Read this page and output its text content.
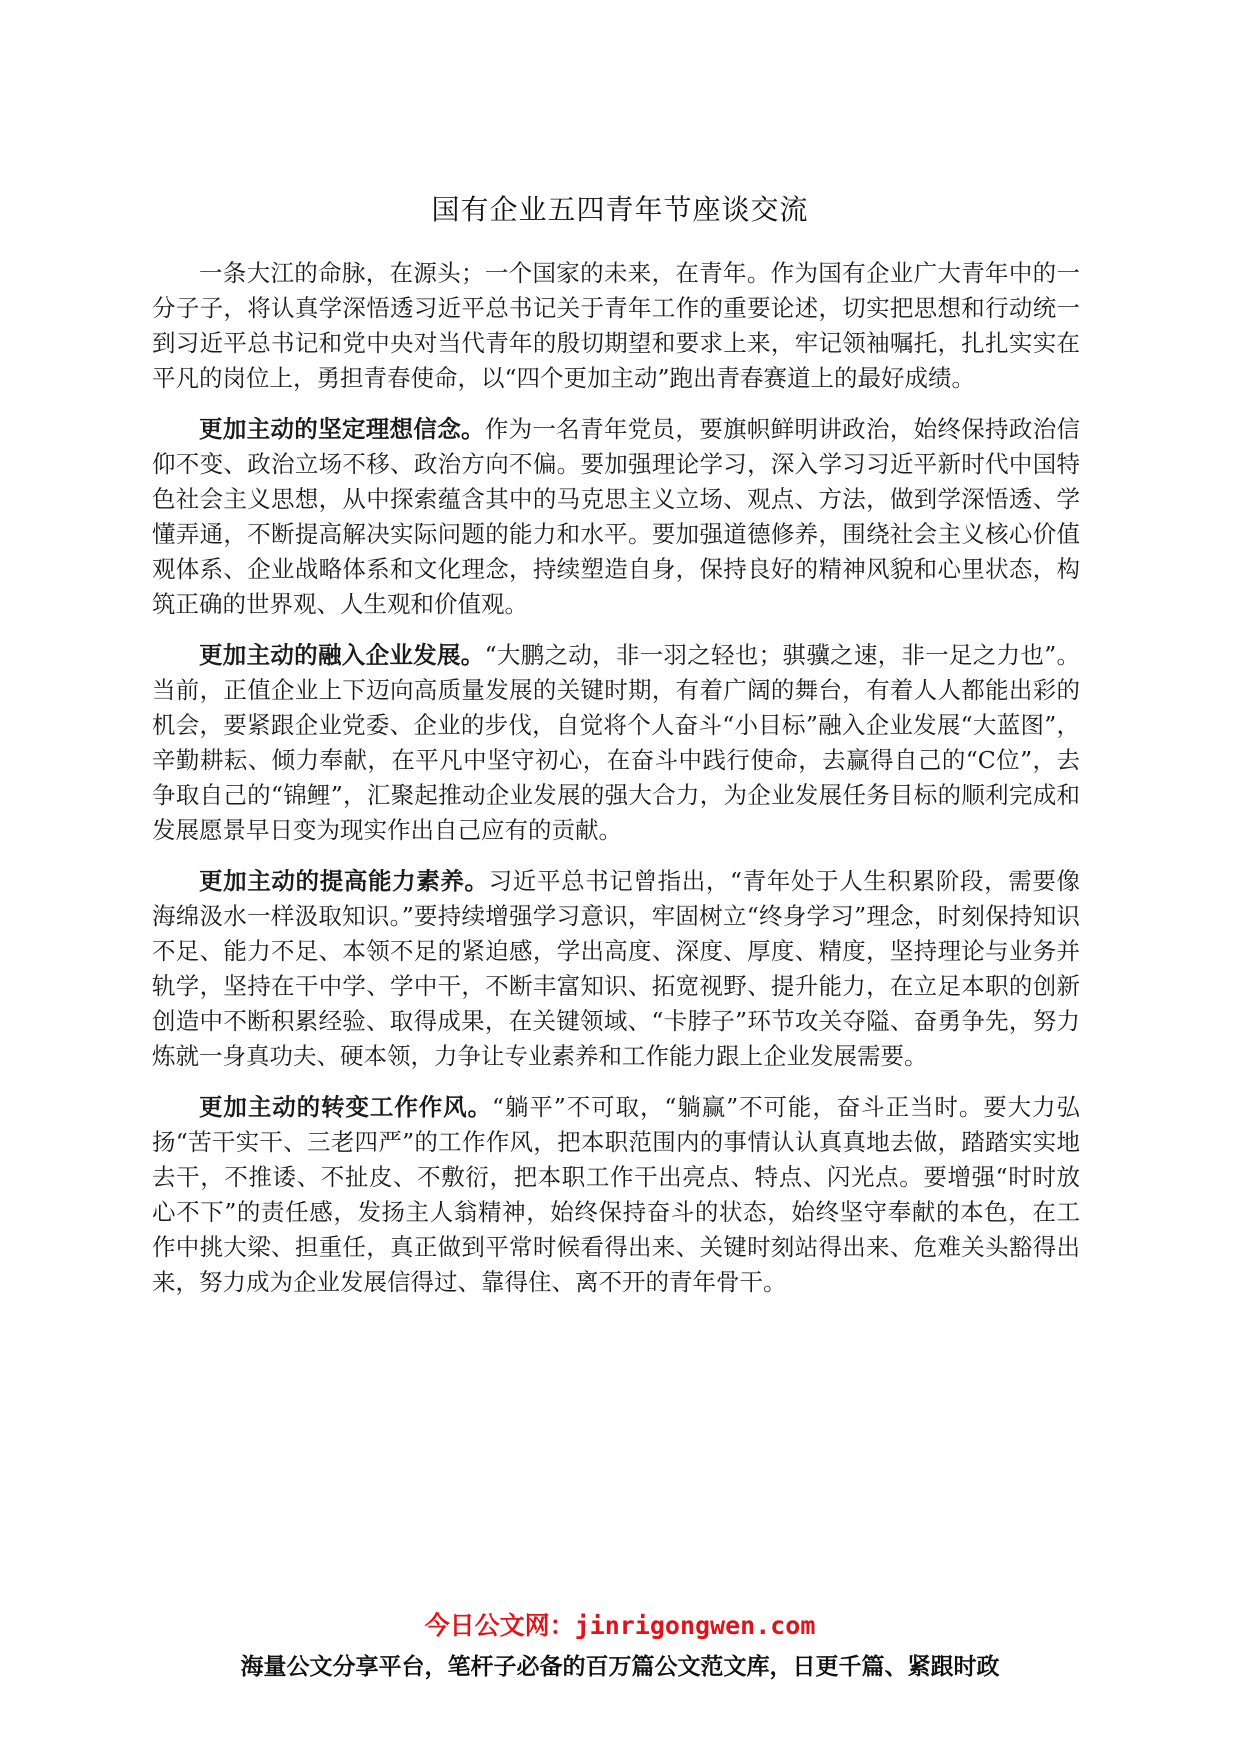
国有企业五四青年节座谈交流

一条大江的命脉，在源头；一个国家的未来，在青年。作为国有企业广大青年中的一分子子，将认真学深悟透习近平总书记关于青年工作的重要论述，切实把思想和行动统一到习近平总书记和党中央对当代青年的殷切期望和要求上来，牢记领袖嘱托，扎扎实实在平凡的岗位上，勇担青春使命，以“四个更加主动”跑出青春赛道上的最好成绩。

更加主动的坚定理想信念。作为一名青年党员，要旗帜鲜明讲政治，始终保持政治信仰不变、政治立场不移、政治方向不偏。要加强理论学习，深入学习习近平新时代中国特色社会主义思想，从中探索蕴含其中的马克思主义立场、观点、方法，做到学深悟透、学懂弄通，不断提高解决实际问题的能力和水平。要加强道德修养，围绕社会主义核心价值观体系、企业战略体系和文化理念，持续塑造自身，保持良好的精神风貌和心里状态，构筑正确的世界观、人生观和价值观。

更加主动的融入企业发展。“大鹏之动，非一羽之轻也；骐骥之速，非一足之力也”。当前，正值企业上下迈向高质量发展的关键时期，有着广阔的舞台，有着人人都能出彩的机会，要紧跟企业党委、企业的步伐，自觉将个人奋斗“小目标”融入企业发展“大蓝图”，辛勤耕耘、倾力奉献，在平凡中坚守初心，在奋斗中践行使命，去赢得自己的“C位”，去争取自己的“锦鲤”，汇聚起推动企业发展的强大合力，为企业发展任务目标的顺利完成和发展愿景早日变为现实作出自己应有的贡献。

更加主动的提高能力素养。习近平总书记曾指出，“青年处于人生积累阶段，需要像海绵汲水一样汲取知识。”要持续增强学习意识，牢固树立“终身学习”理念，时刻保持知识不足、能力不足、本领不足的紧迫感，学出高度、深度、厚度、精度，坚持理论与业务并轨学，坚持在干中学、学中干，不断丰富知识、拓宽视野、提升能力，在立足本职的创新创造中不断积累经验、取得成果，在关键领域、“卡脖子”环节攻关夺隘、奋勇争先，努力炼就一身真功夫、硬本领，力争让专业素养和工作能力跟上企业发展需要。

更加主动的转变工作作风。“躺平”不可取，“躺赢”不可能，奋斗正当时。要大力弘扬“苦干实干、三老四严”的工作作风，把本职范围内的事情认认真真地去做，踏踏实实地去干，不推诿、不扯皮、不敷衍，把本职工作干出亮点、特点、闪光点。要增强“时时放心不下”的责任感，发扬主人翁精神，始终保持奋斗的状态，始终坚守奉献的本色，在工作中挑大梁、担重任，真正做到平常时候看得出来、关键时刻站得出来、危难关头豁得出来，努力成为企业发展信得过、靠得住、离不开的青年骨干。

今日公文网：jinrigongwen.com
海量公文分享平台，笔杆子必备的百万篇公文范文库，日更千篇、紧跟时政
